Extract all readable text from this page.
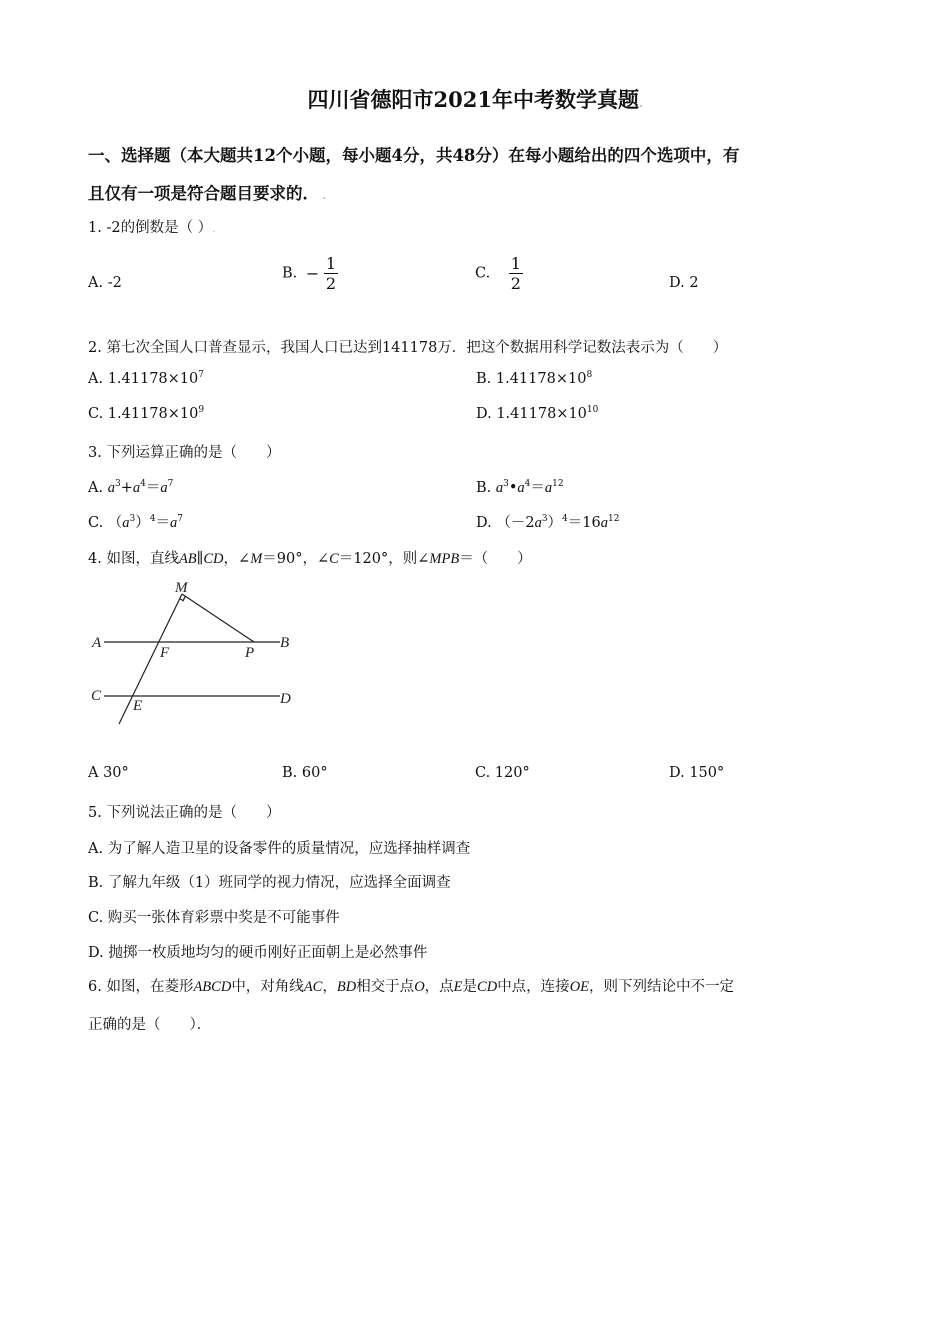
四川省德阳市2021年中考数学真题.
一、选择题（本大题共12个小题，每小题4分，共48分）在每小题给出的四个选项中，有
且仅有一项是符合题目要求的． .
1. -2的倒数是（ ）.
A. -2
B. − $\frac{1}{2}$	C. $\frac{1}{2}$	D. 2
2. 第七次全国人口普查显示，我国人口已达到141178万．把这个数据用科学记数法表示为（　　）
A. $1.41178\times 10^7$	B. $1.41178\times 10^8$
C. $1.41178\times 10^9$	D. $1.41178\times 10^{10}$
3. 下列运算正确的是（　　）
A. $a^3+a^4=a^7$	B. $a^3•a^4=a^{12}$
C. $(a^3)^4=a^7$	D. $(-2a^3)^4=16a^{12}$
4. 如图，直线AB∥CD，∠M＝90°，∠C＝120°，则∠MPB＝（　　）
M
A
F	P
B
C
E	D
A 30°	B. 60°	C. 120°	D. 150°
5. 下列说法正确的是（　　）
A. 为了解人造卫星的设备零件的质量情况，应选择抽样调查
B. 了解九年级（1）班同学的视力情况，应选择全面调查
C. 购买一张体育彩票中奖是不可能事件
D. 抛掷一枚质地均匀的硬币刚好正面朝上是必然事件
6. 如图，在菱形ABCD中，对角线AC，BD相交于点O，点E是CD中点，连接OE，则下列结论中不一定
正确的是（　　）．
